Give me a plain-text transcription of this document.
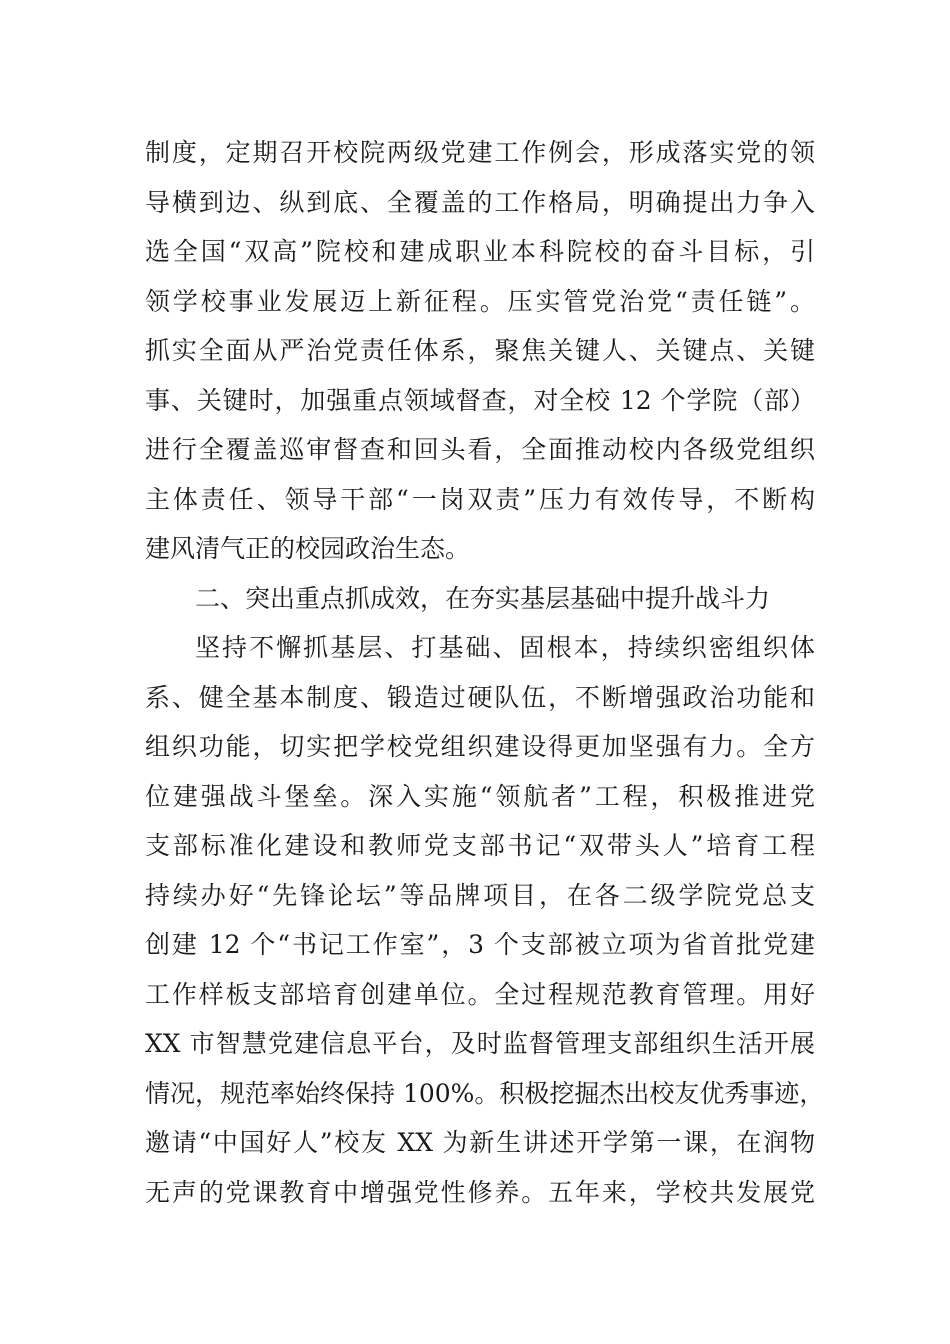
制度，定期召开校院两级党建工作例会，形成落实党的领
导横到边、纵到底、全覆盖的工作格局，明确提出力争入
选全国“双高”院校和建成职业本科院校的奋斗目标，引
领学校事业发展迈上新征程。压实管党治党“责任链”。
抓实全面从严治党责任体系，聚焦关键人、关键点、关键
事、关键时，加强重点领域督查，对全校 12 个学院（部）
进行全覆盖巡审督查和回头看，全面推动校内各级党组织
主体责任、领导干部“一岗双责”压力有效传导，不断构
建风清气正的校园政治生态。
二、突出重点抓成效，在夯实基层基础中提升战斗力
坚持不懈抓基层、打基础、固根本，持续织密组织体
系、健全基本制度、锻造过硬队伍，不断增强政治功能和
组织功能，切实把学校党组织建设得更加坚强有力。全方
位建强战斗堡垒。深入实施“领航者”工程，积极推进党
支部标准化建设和教师党支部书记“双带头人”培育工程
持续办好“先锋论坛”等品牌项目，在各二级学院党总支
创建 12 个“书记工作室”，3 个支部被立项为省首批党建
工作样板支部培育创建单位。全过程规范教育管理。用好
XX 市智慧党建信息平台，及时监督管理支部组织生活开展
情况，规范率始终保持 100%。积极挖掘杰出校友优秀事迹，
邀请“中国好人”校友 XX 为新生讲述开学第一课，在润物
无声的党课教育中增强党性修养。五年来，学校共发展党
